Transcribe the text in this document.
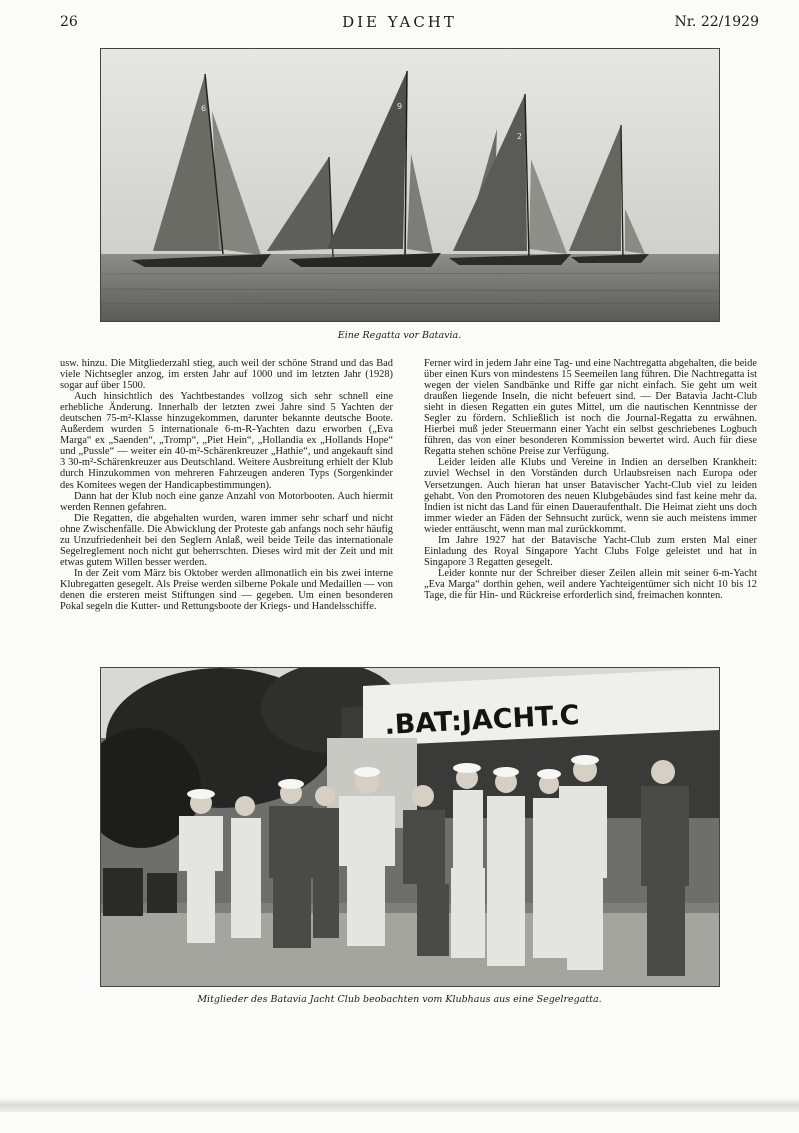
26	DIE YACHT	Nr. 22/1929
6	9
2
Eine Regatta vor Batavia.

usw. hinzu. Die Mitgliederzahl stieg, auch weil der schöne Strand und das Bad viele Nichtsegler anzog, im ersten Jahr auf 1000 und im letzten Jahr (1928) sogar auf über 1500.

Auch hinsichtlich des Yachtbestandes vollzog sich sehr schnell eine erhebliche Änderung. Innerhalb der letzten zwei Jahre sind 5 Yachten der deutschen 75-m²-Klasse hinzugekommen, darunter bekannte deutsche Boote. Außerdem wurden 5 internationale 6-m-R-Yachten dazu erworben („Eva Marga“ ex „Saenden“, „Tromp“, „Piet Hein“, „Hollandia ex „Hollands Hope“ und „Pussle“ — weiter ein 40-m²-Schärenkreuzer „Hathie“, und angekauft sind 3 30-m²-Schärenkreuzer aus Deutschland. Weitere Ausbreitung erhielt der Klub durch Hinzukommen von mehreren Fahrzeugen anderen Typs (Sorgenkinder des Komitees wegen der Handicapbestimmungen).

Dann hat der Klub noch eine ganze Anzahl von Motorbooten. Auch hiermit werden Rennen gefahren.

Die Regatten, die abgehalten wurden, waren immer sehr scharf und nicht ohne Zwischenfälle. Die Abwicklung der Proteste gab anfangs noch sehr häufig zu Unzufriedenheit bei den Seglern Anlaß, weil beide Teile das internationale Segelreglement noch nicht gut beherrschten. Dieses wird mit der Zeit und mit etwas gutem Willen besser werden.

In der Zeit vom März bis Oktober werden allmonatlich ein bis zwei interne Klubregatten gesegelt. Als Preise werden silberne Pokale und Medaillen — von denen die ersteren meist Stiftungen sind — gegeben. Um einen besonderen Pokal segeln die Kutter- und Rettungsboote der Kriegs- und Handelsschiffe.

Ferner wird in jedem Jahr eine Tag- und eine Nachtregatta abgehalten, die beide über einen Kurs von mindestens 15 Seemeilen lang führen. Die Nachtregatta ist wegen der vielen Sandbänke und Riffe gar nicht einfach. Sie geht um weit draußen liegende Inseln, die nicht befeuert sind. — Der Batavia Jacht-Club sieht in diesen Regatten ein gutes Mittel, um die nautischen Kenntnisse der Segler zu fördern. Schließlich ist noch die Journal-Regatta zu erwähnen. Hierbei muß jeder Steuermann einer Yacht ein selbst geschriebenes Logbuch führen, das von einer besonderen Kommission bewertet wird. Auch für diese Regatta stehen schöne Preise zur Verfügung.

Leider leiden alle Klubs und Vereine in Indien an derselben Krankheit: zuviel Wechsel in den Vorständen durch Urlaubsreisen nach Europa oder Versetzungen. Auch hieran hat unser Batavischer Yacht-Club viel zu leiden gehabt. Von den Promotoren des neuen Klubgebäudes sind fast keine mehr da. Indien ist nicht das Land für einen Daueraufenthalt. Die Heimat zieht uns doch immer wieder an Fäden der Sehnsucht zurück, wenn sie auch meistens immer wieder enttäuscht, wenn man mal zurückkommt.

Im Jahre 1927 hat der Batavische Yacht-Club zum ersten Mal einer Einladung des Royal Singapore Yacht Clubs Folge geleistet und hat in Singapore 3 Regatten gesegelt.

Leider konnte nur der Schreiber dieser Zeilen allein mit seiner 6-m-Yacht „Eva Marga“ dorthin gehen, weil andere Yachteigentümer sich nicht 10 bis 12 Tage, die für Hin- und Rückreise erforderlich sind, freimachen konnten.

.BAT:JACHT.C
Mitglieder des Batavia Jacht Club beobachten vom Klubhaus aus eine Segelregatta.
